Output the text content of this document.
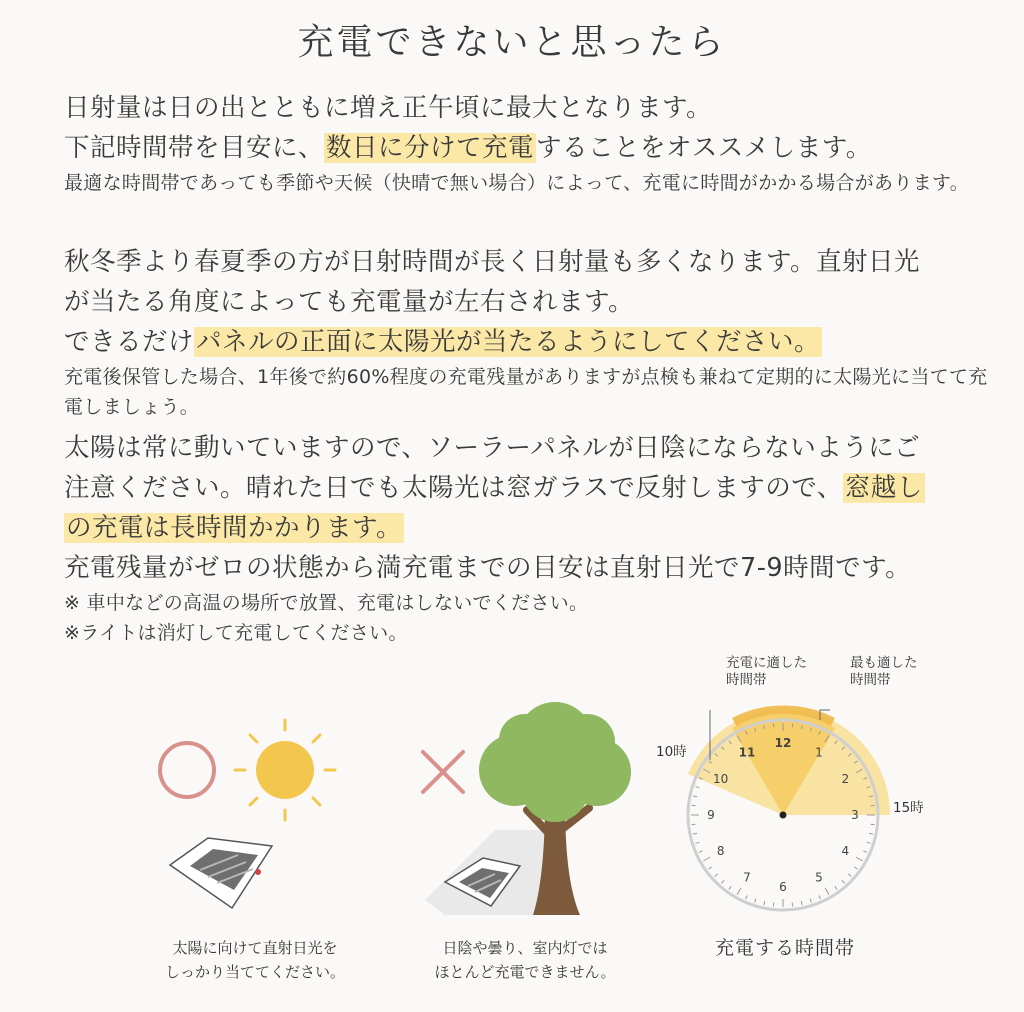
充電できないと思ったら
日射量は日の出とともに増え正午頃に最大となります。
下記時間帯を目安に、数日に分けて充電することをオススメします。
最適な時間帯であっても季節や天候（快晴で無い場合）によって、充電に時間がかかる場合があります。
秋冬季より春夏季の方が日射時間が長く日射量も多くなります。直射日光
が当たる角度によっても充電量が左右されます。
できるだけパネルの正面に太陽光が当たるようにしてください。
充電後保管した場合、1年後で約60%程度の充電残量がありますが点検も兼ねて定期的に太陽光に当てて充電しましょう。
太陽は常に動いていますので、ソーラーパネルが日陰にならないようにご
注意ください。晴れた日でも太陽光は窓ガラスで反射しますので、窓越し
の充電は長時間かかります。
充電残量がゼロの状態から満充電までの目安は直射日光で7-9時間です。
※ 車中などの高温の場所で放置、充電はしないでください。
※ライトは消灯して充電してください。
12
1
2
3
4
5
6
7
8
9
10
11
充電に適した
時間帯
最も適した
時間帯
10時
15時
太陽に向けて直射日光を
しっかり当ててください。
日陰や曇り、室内灯では
ほとんど充電できません。
充電する時間帯
